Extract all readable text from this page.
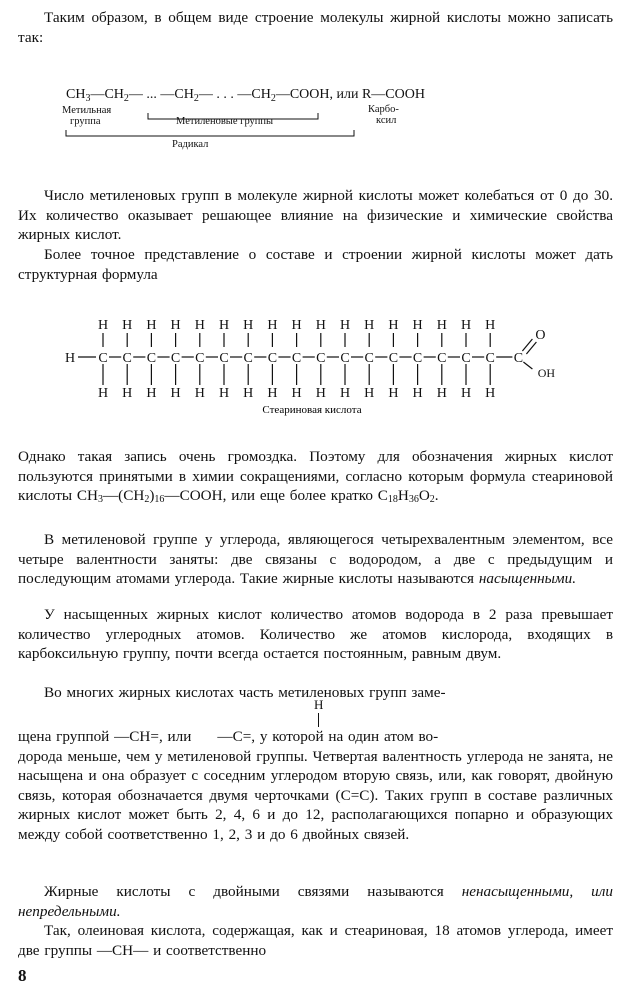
Таким образом, в общем виде строение молекулы жирной кислоты можно записать так:

$CH_3—CH_2—$ ... $—CH_2—$ . . . $—CH_2—COOH$, или R—COOH
Метильная
группа	Метиленовые группы
Карбо-
ксил
Радикал

Число метиленовых групп в молекуле жирной кислоты может колебаться от 0 до 30. Их количество оказывает решающее влияние на физические и химические свойства жирных кислот.

Более точное представление о составе и строении жирной кислоты может дать структурная формула

H C
H
H
C
H
H
C
H
H
C
H
H
C
H
H
C
H
H
C
H
H
C
H
H
C
H
H
C
H
H
C
H
H
C
H
H
C
H
H
C
H
H
C
H
H
C
H
H
C
H
H
C
O
OH
Стеариновая кислота

Однако такая запись очень громоздка. Поэтому для обозначения жирных кислот пользуются принятыми в химии сокращениями, согласно которым формула стеариновой кислоты $CH_3—(CH_2)_{16}—COOH$, или еще более кратко $C_{18}H_{36}O_2$.

В метиленовой группе у углерода, являющегося четырехвалентным элементом, все четыре валентности заняты: две связаны с водородом, а две с предыдущим и последующим атомами углерода. Такие жирные кислоты называются насыщенными.

У насыщенных жирных кислот количество атомов водорода в 2 раза превышает количество углеродных атомов. Количество же атомов кислорода, входящих в карбоксильную группу, почти всегда остается постоянным, равным двум.

Во многих жирных кислотах часть метиленовых групп заме-

H

щена группой —CH=, или —C=, у которой на один атом во-

дорода меньше, чем у метиленовой группы. Четвертая валентность углерода не занята, не насыщена и она образует с соседним углеродом вторую связь, или, как говорят, двойную связь, которая обозначается двумя черточками (C=C). Таких групп в составе различных жирных кислот может быть 2, 4, 6 и до 12, располагающихся попарно и образующих между собой соответственно 1, 2, 3 и до 6 двойных связей.

Жирные кислоты с двойными связями называются ненасыщенными, или непредельными.

Так, олеиновая кислота, содержащая, как и стеариновая, 18 атомов углерода, имеет две группы —CH— и соответственно

8
